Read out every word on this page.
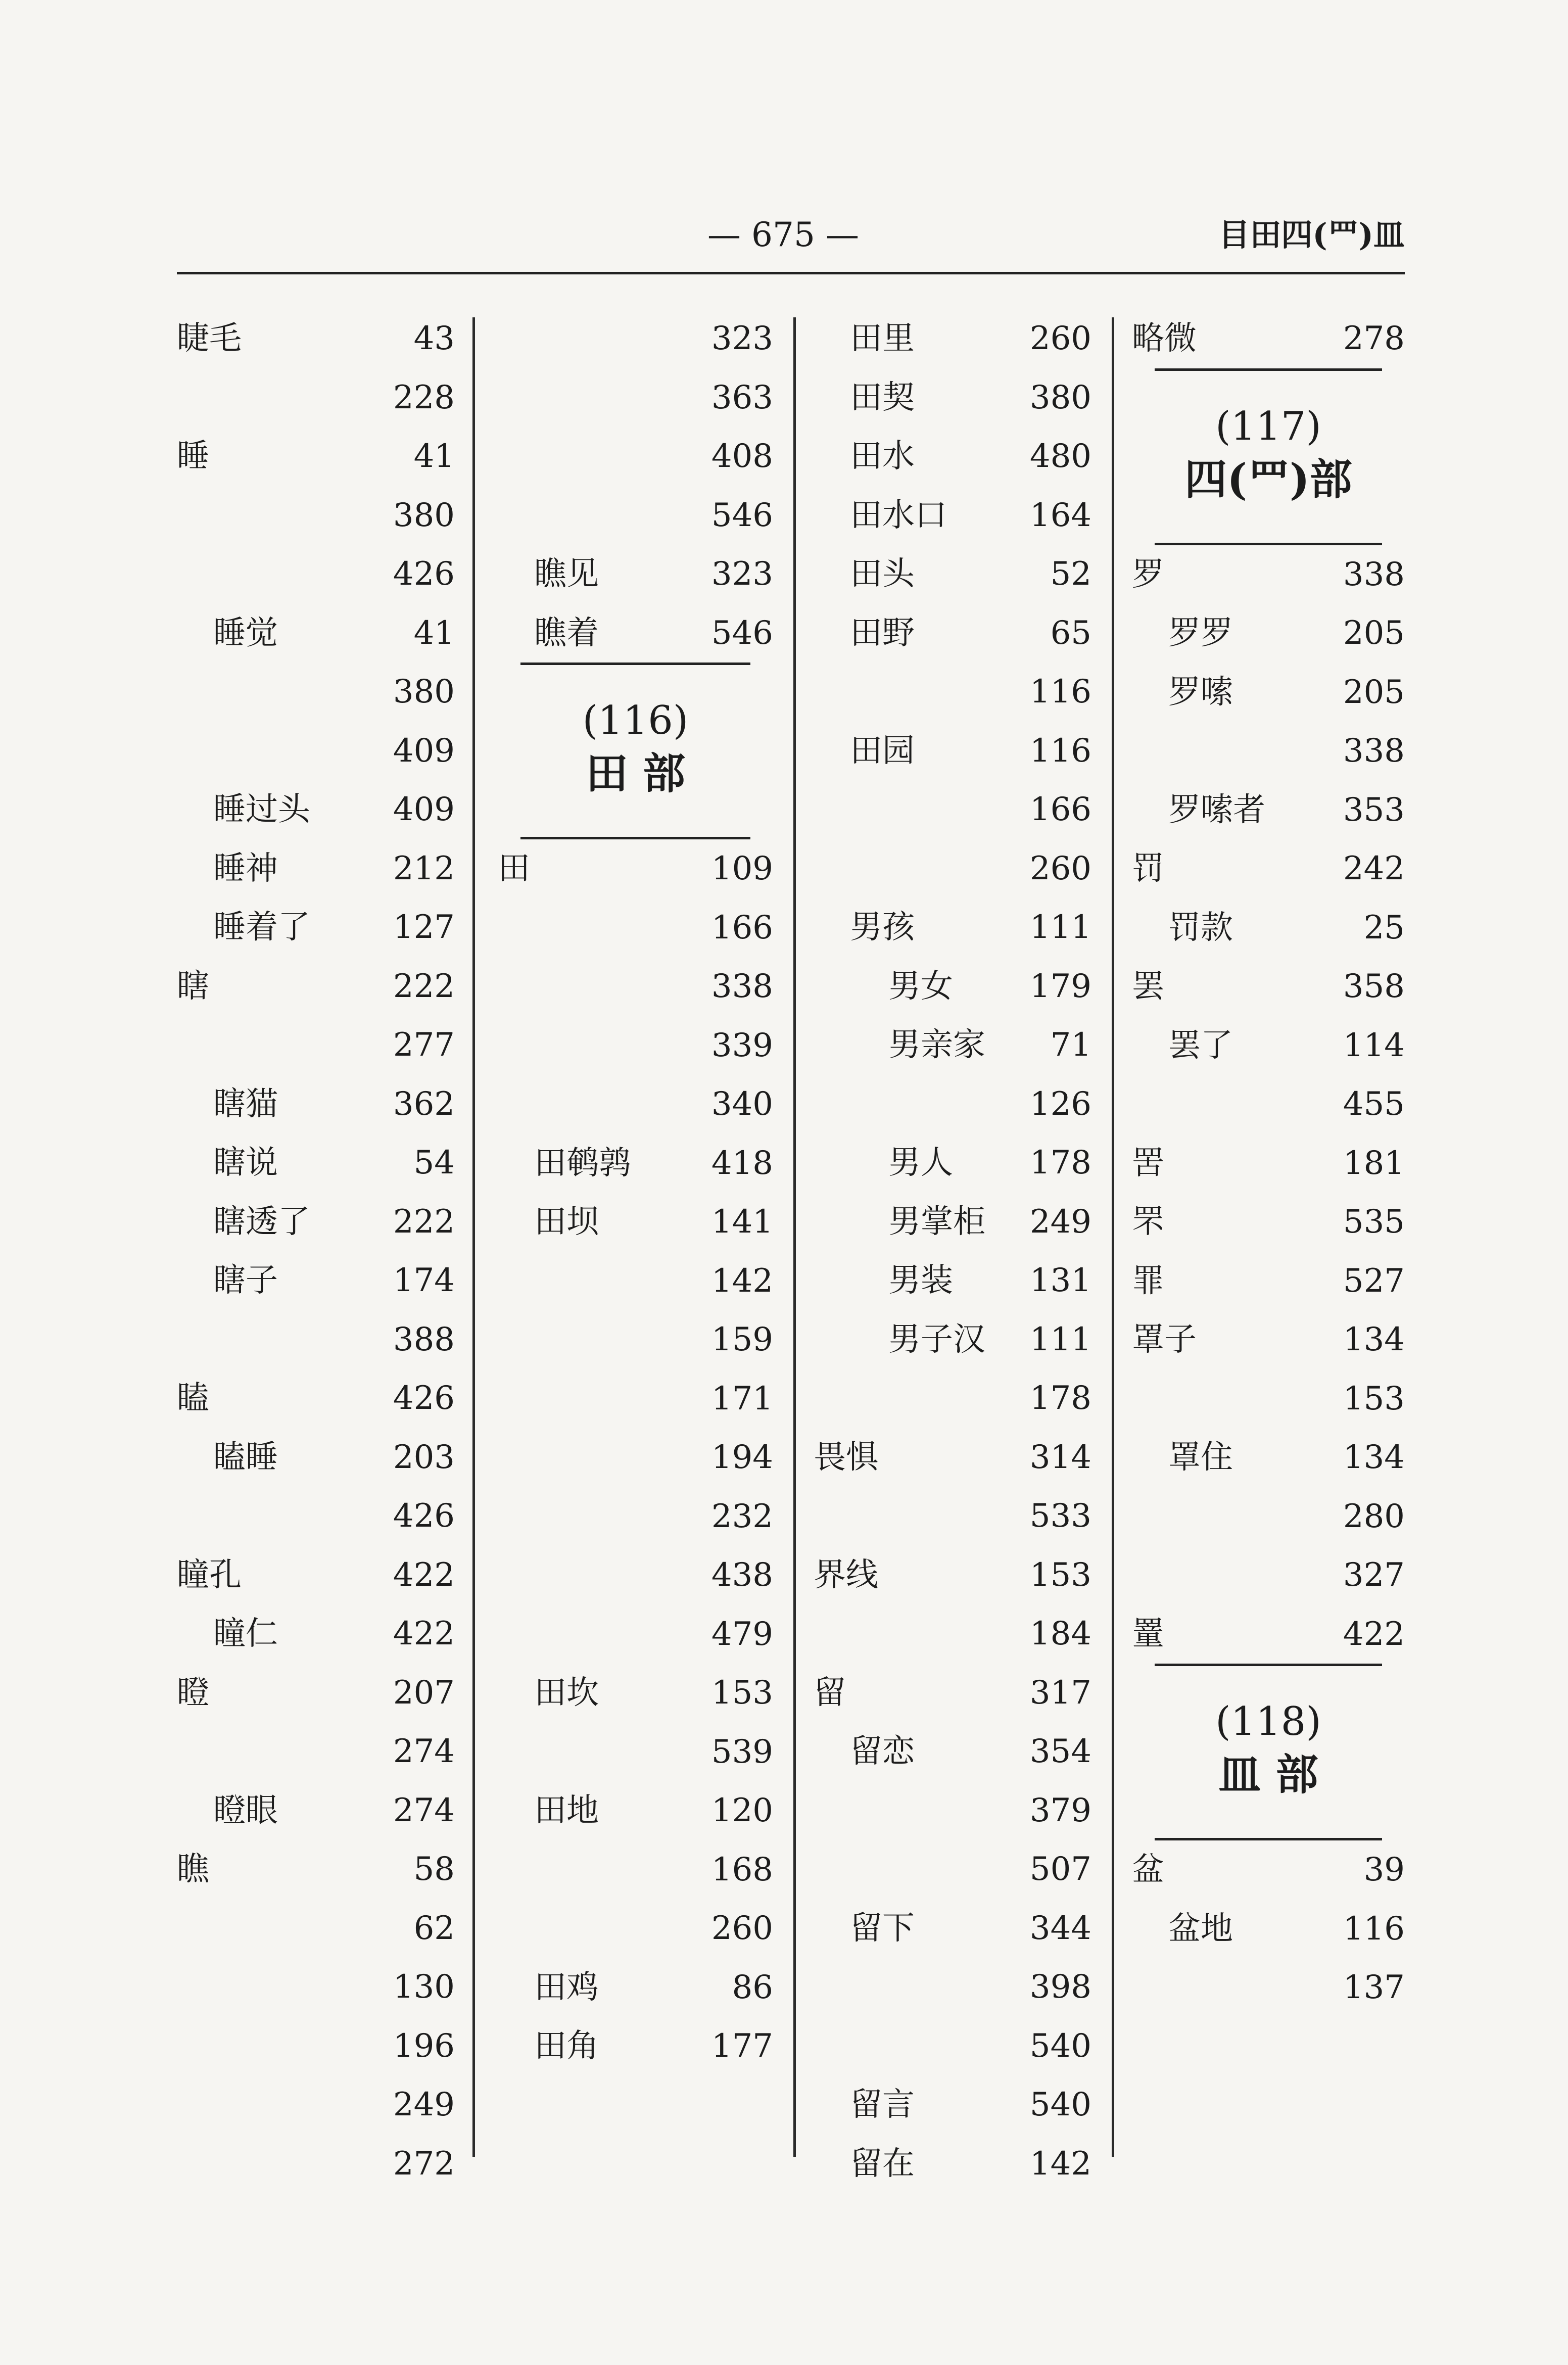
— 675 —	目田四(罒)皿
睫毛	43
228
睡	41
380
426
睡觉	41
380
409
睡过头	409
睡神	212
睡着了	127
瞎	222
277
瞎猫	362
瞎说	54
瞎透了	222
瞎子	174
388
瞌	426
瞌睡	203
426
瞳孔	422
瞳仁	422
瞪	207
274
瞪眼	274
瞧	58
62
130
196
249
272
323
363
408
546
瞧见	323
瞧着	546
(116)
田 部
田	109
166
338
339
340
田鹌鹑 418
田坝	141
142
159
171
194
232
438
479
田坎	153
539
田地	120
168
260
田鸡	86
田角	177
田里	260
田契	380
田水	480
田水口	164
田头	52
田野	65
116
田园	116
166
260
男孩	111
男女 179
男亲家 71
126
男人 178
男掌柜 249
男装 131
男子汉 111
178
畏惧	314
533
界线	153
184
留	317
留恋	354
379
507
留下	344
398
540
留言	540
留在	142
略微	278
(117)
四(罒)部
罗	338
罗罗	205
罗嗦	205
338
罗嗦者 353
罚	242
罚款	25
罢	358
罢了	114
455
罟	181
罘	535
罪	527
罩子	134
153
罩住	134
280
327
罿	422
(118)
皿 部
盆	39
盆地	116
137
